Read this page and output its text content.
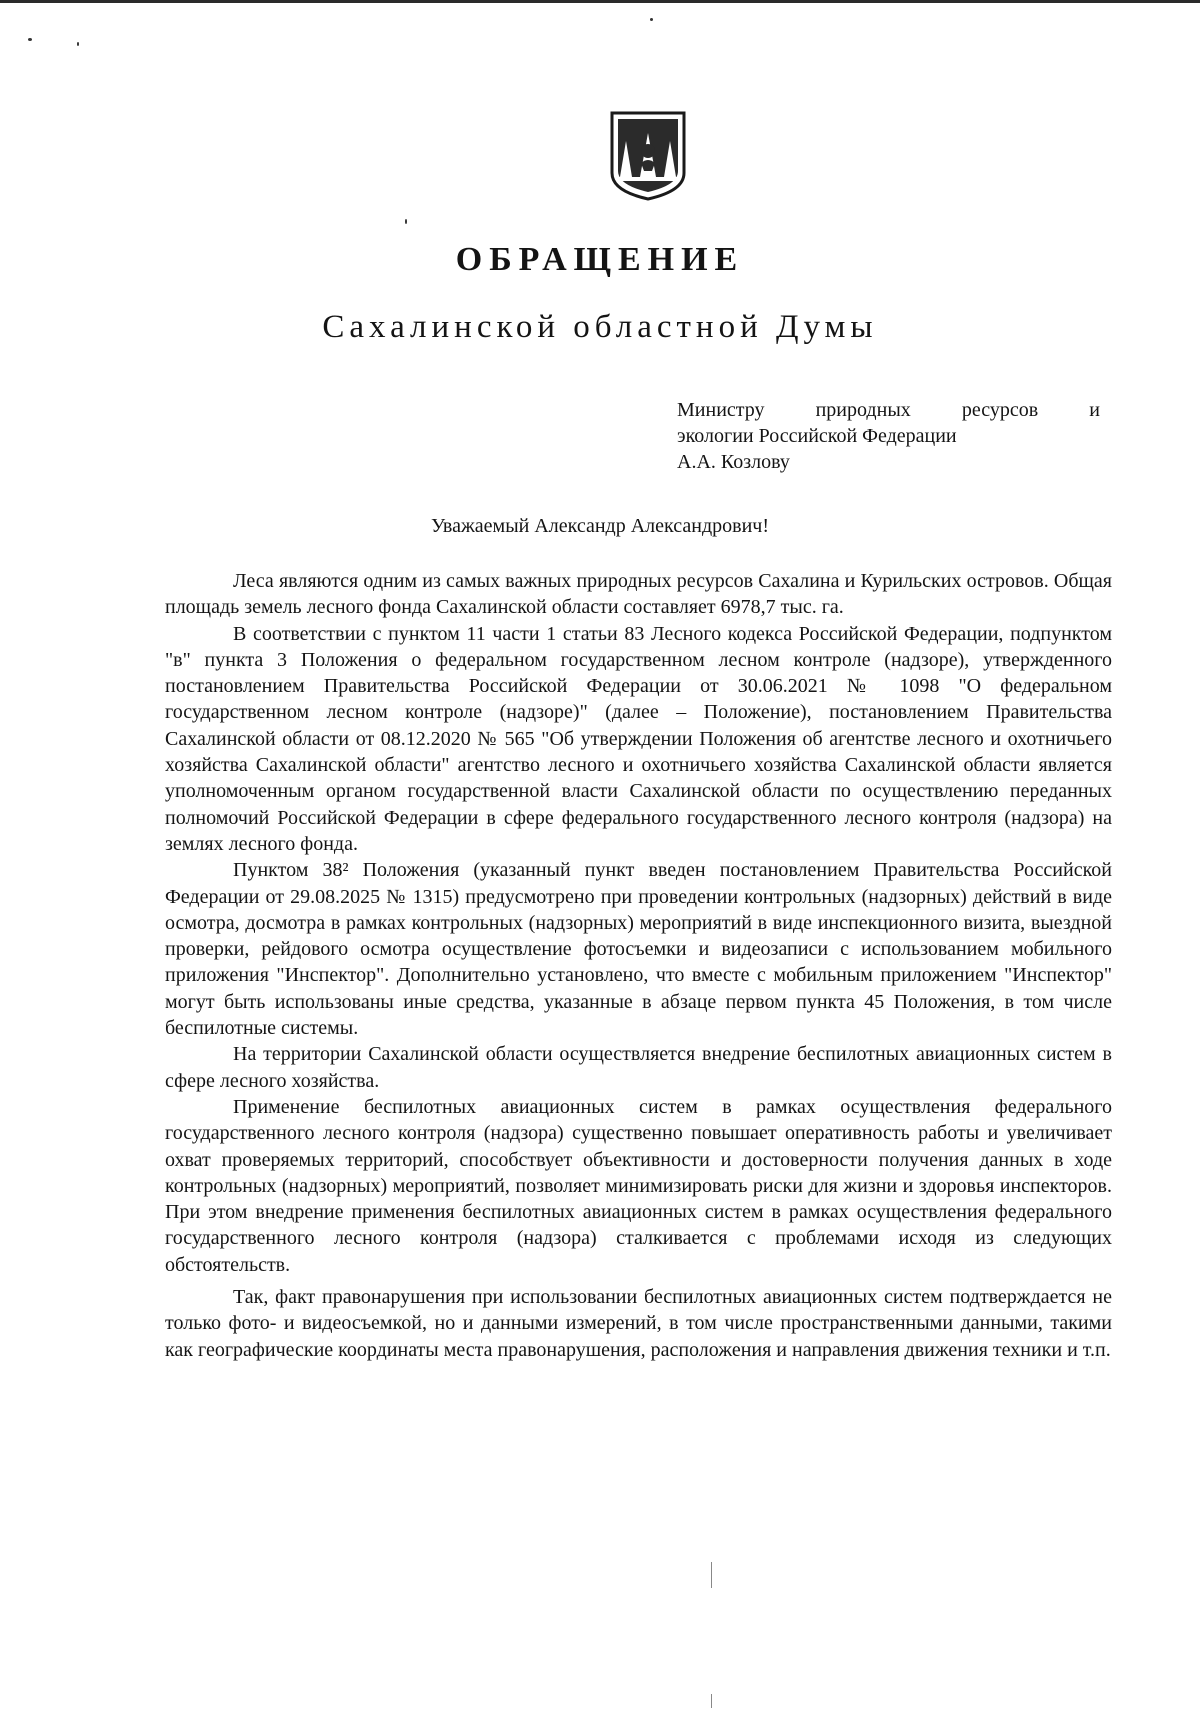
ОБРАЩЕНИЕ
Сахалинской областной Думы
Министру природных ресурсов и
экологии Российской Федерации
А.А. Козлову
Уважаемый Александр Александрович!

Леса являются одним из самых важных природных ресурсов Сахалина и Курильских островов. Общая площадь земель лесного фонда Сахалинской области составляет 6978,7 тыс. га.

В соответствии с пунктом 11 части 1 статьи 83 Лесного кодекса Российской Федерации, подпунктом "в" пункта 3 Положения о федеральном государственном лесном контроле (надзоре), утвержденного постановлением Правительства Российской Федерации от 30.06.2021 № 1098 "О федеральном государственном лесном контроле (надзоре)" (далее – Положение), постановлением Правительства Сахалинской области от 08.12.2020 № 565 "Об утверждении Положения об агентстве лесного и охотничьего хозяйства Сахалинской области" агентство лесного и охотничьего хозяйства Сахалинской области является уполномоченным органом государственной власти Сахалинской области по осуществлению переданных полномочий Российской Федерации в сфере федерального государственного лесного контроля (надзора) на землях лесного фонда.

Пунктом 38² Положения (указанный пункт введен постановлением Правительства Российской Федерации от 29.08.2025 № 1315) предусмотрено при проведении контрольных (надзорных) действий в виде осмотра, досмотра в рамках контрольных (надзорных) мероприятий в виде инспекционного визита, выездной проверки, рейдового осмотра осуществление фотосъемки и видеозаписи с использованием мобильного приложения "Инспектор". Дополнительно установлено, что вместе с мобильным приложением "Инспектор" могут быть использованы иные средства, указанные в абзаце первом пункта 45 Положения, в том числе беспилотные системы.

На территории Сахалинской области осуществляется внедрение беспилотных авиационных систем в сфере лесного хозяйства.

Применение беспилотных авиационных систем в рамках осуществления федерального государственного лесного контроля (надзора) существенно повышает оперативность работы и увеличивает охват проверяемых территорий, способствует объективности и достоверности получения данных в ходе контрольных (надзорных) мероприятий, позволяет минимизировать риски для жизни и здоровья инспекторов. При этом внедрение применения беспилотных авиационных систем в рамках осуществления федерального государственного лесного контроля (надзора) сталкивается с проблемами исходя из следующих обстоятельств.

Так, факт правонарушения при использовании беспилотных авиационных систем подтверждается не только фото- и видеосъемкой, но и данными измерений, в том числе пространственными данными, такими как географические координаты места правонарушения, расположения и направления движения техники и т.п.
